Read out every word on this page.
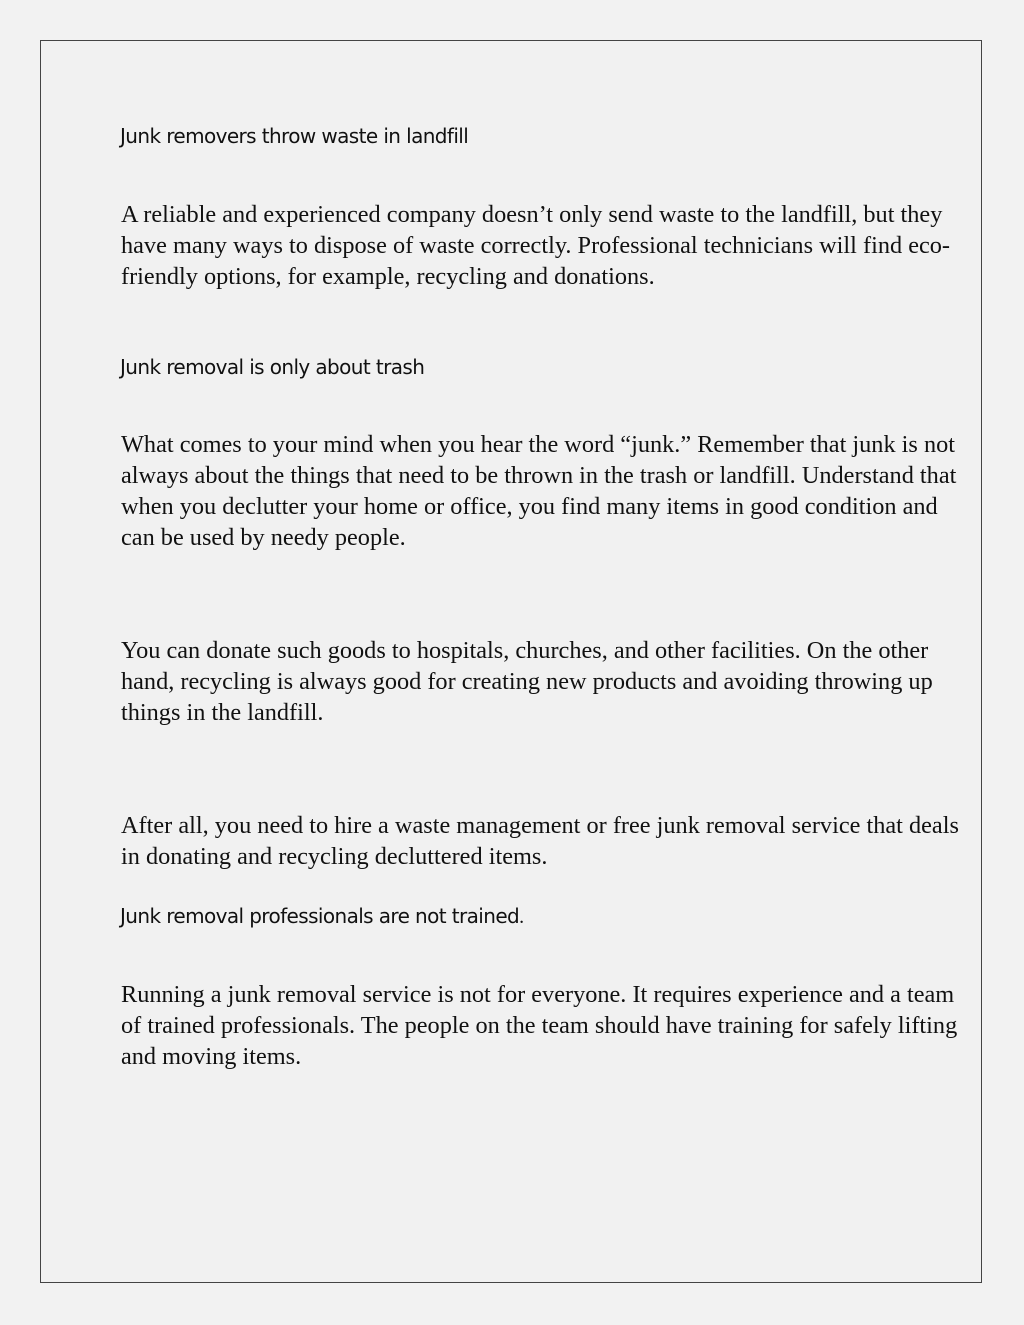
Junk removers throw waste in landfill

A reliable and experienced company doesn’t only send waste to the landfill, but they have many ways to dispose of waste correctly. Professional technicians will find eco-friendly options, for example, recycling and donations.

Junk removal is only about trash

What comes to your mind when you hear the word “junk.” Remember that junk is not always about the things that need to be thrown in the trash or landfill. Understand that when you declutter your home or office, you find many items in good condition and can be used by needy people.

You can donate such goods to hospitals, churches, and other facilities. On the other hand, recycling is always good for creating new products and avoiding throwing up things in the landfill.

After all, you need to hire a waste management or free junk removal service that deals in donating and recycling decluttered items.

Junk removal professionals are not trained.

Running a junk removal service is not for everyone. It requires experience and a team of trained professionals. The people on the team should have training for safely lifting and moving items.
